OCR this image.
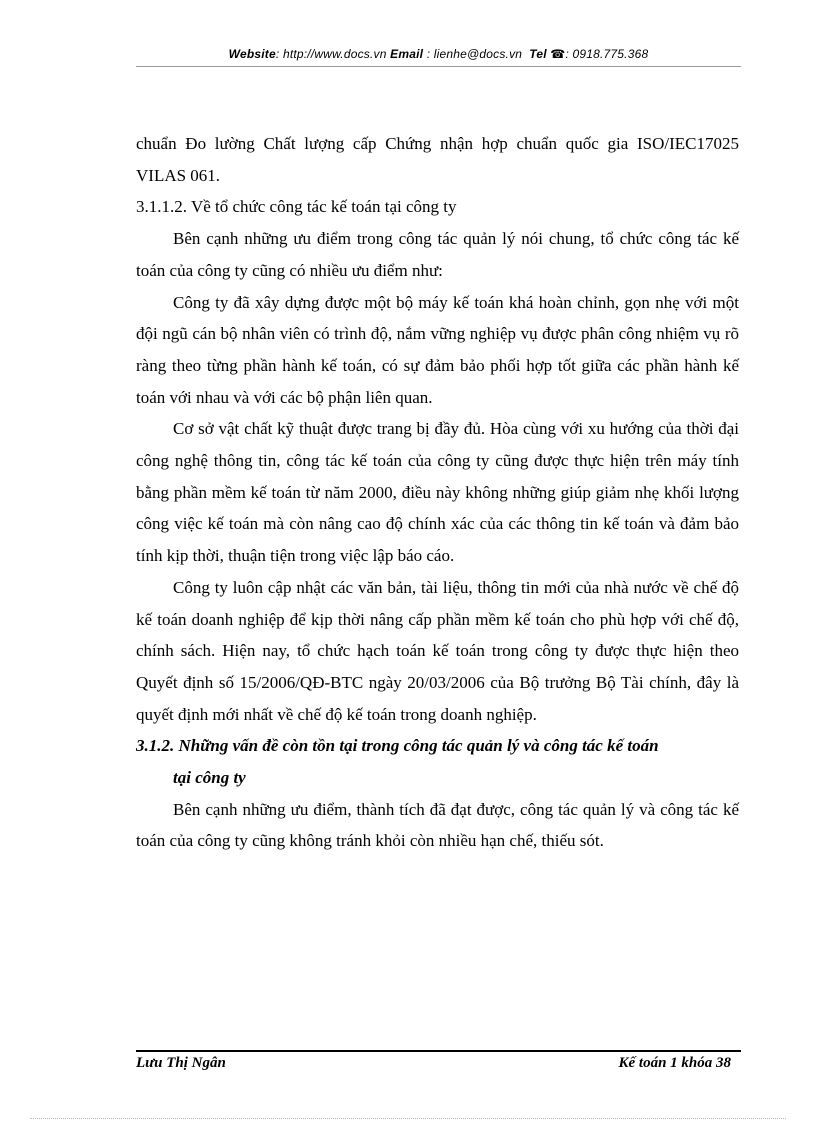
Website: http://www.docs.vn Email : lienhe@docs.vn Tel ☎: 0918.775.368

chuẩn Đo lường Chất lượng cấp Chứng nhận hợp chuẩn quốc gia ISO/IEC17025 VILAS 061.

3.1.1.2. Về tổ chức công tác kế toán tại công ty

Bên cạnh những ưu điểm trong công tác quản lý nói chung, tổ chức công tác kế toán của công ty cũng có nhiều ưu điểm như:

Công ty đã xây dựng được một bộ máy kế toán khá hoàn chỉnh, gọn nhẹ với một đội ngũ cán bộ nhân viên có trình độ, nắm vững nghiệp vụ được phân công nhiệm vụ rõ ràng theo từng phần hành kế toán, có sự đảm bảo phối hợp tốt giữa các phần hành kế toán với nhau và với các bộ phận liên quan.

Cơ sở vật chất kỹ thuật được trang bị đầy đủ. Hòa cùng với xu hướng của thời đại công nghệ thông tin, công tác kế toán của công ty cũng được thực hiện trên máy tính bằng phần mềm kế toán từ năm 2000, điều này không những giúp giảm nhẹ khối lượng công việc kế toán mà còn nâng cao độ chính xác của các thông tin kế toán và đảm bảo tính kịp thời, thuận tiện trong việc lập báo cáo.

Công ty luôn cập nhật các văn bản, tài liệu, thông tin mới của nhà nước về chế độ kế toán doanh nghiệp để kịp thời nâng cấp phần mềm kế toán cho phù hợp với chế độ, chính sách. Hiện nay, tổ chức hạch toán kế toán trong công ty được thực hiện theo Quyết định số 15/2006/QĐ-BTC ngày 20/03/2006 của Bộ trưởng Bộ Tài chính, đây là quyết định mới nhất về chế độ kế toán trong doanh nghiệp.

3.1.2. Những vấn đề còn tồn tại trong công tác quản lý và công tác kế toán

tại công ty

Bên cạnh những ưu điểm, thành tích đã đạt được, công tác quản lý và công tác kế toán của công ty cũng không tránh khỏi còn nhiều hạn chế, thiếu sót.

Lưu Thị Ngân	Kế toán 1 khóa 38
